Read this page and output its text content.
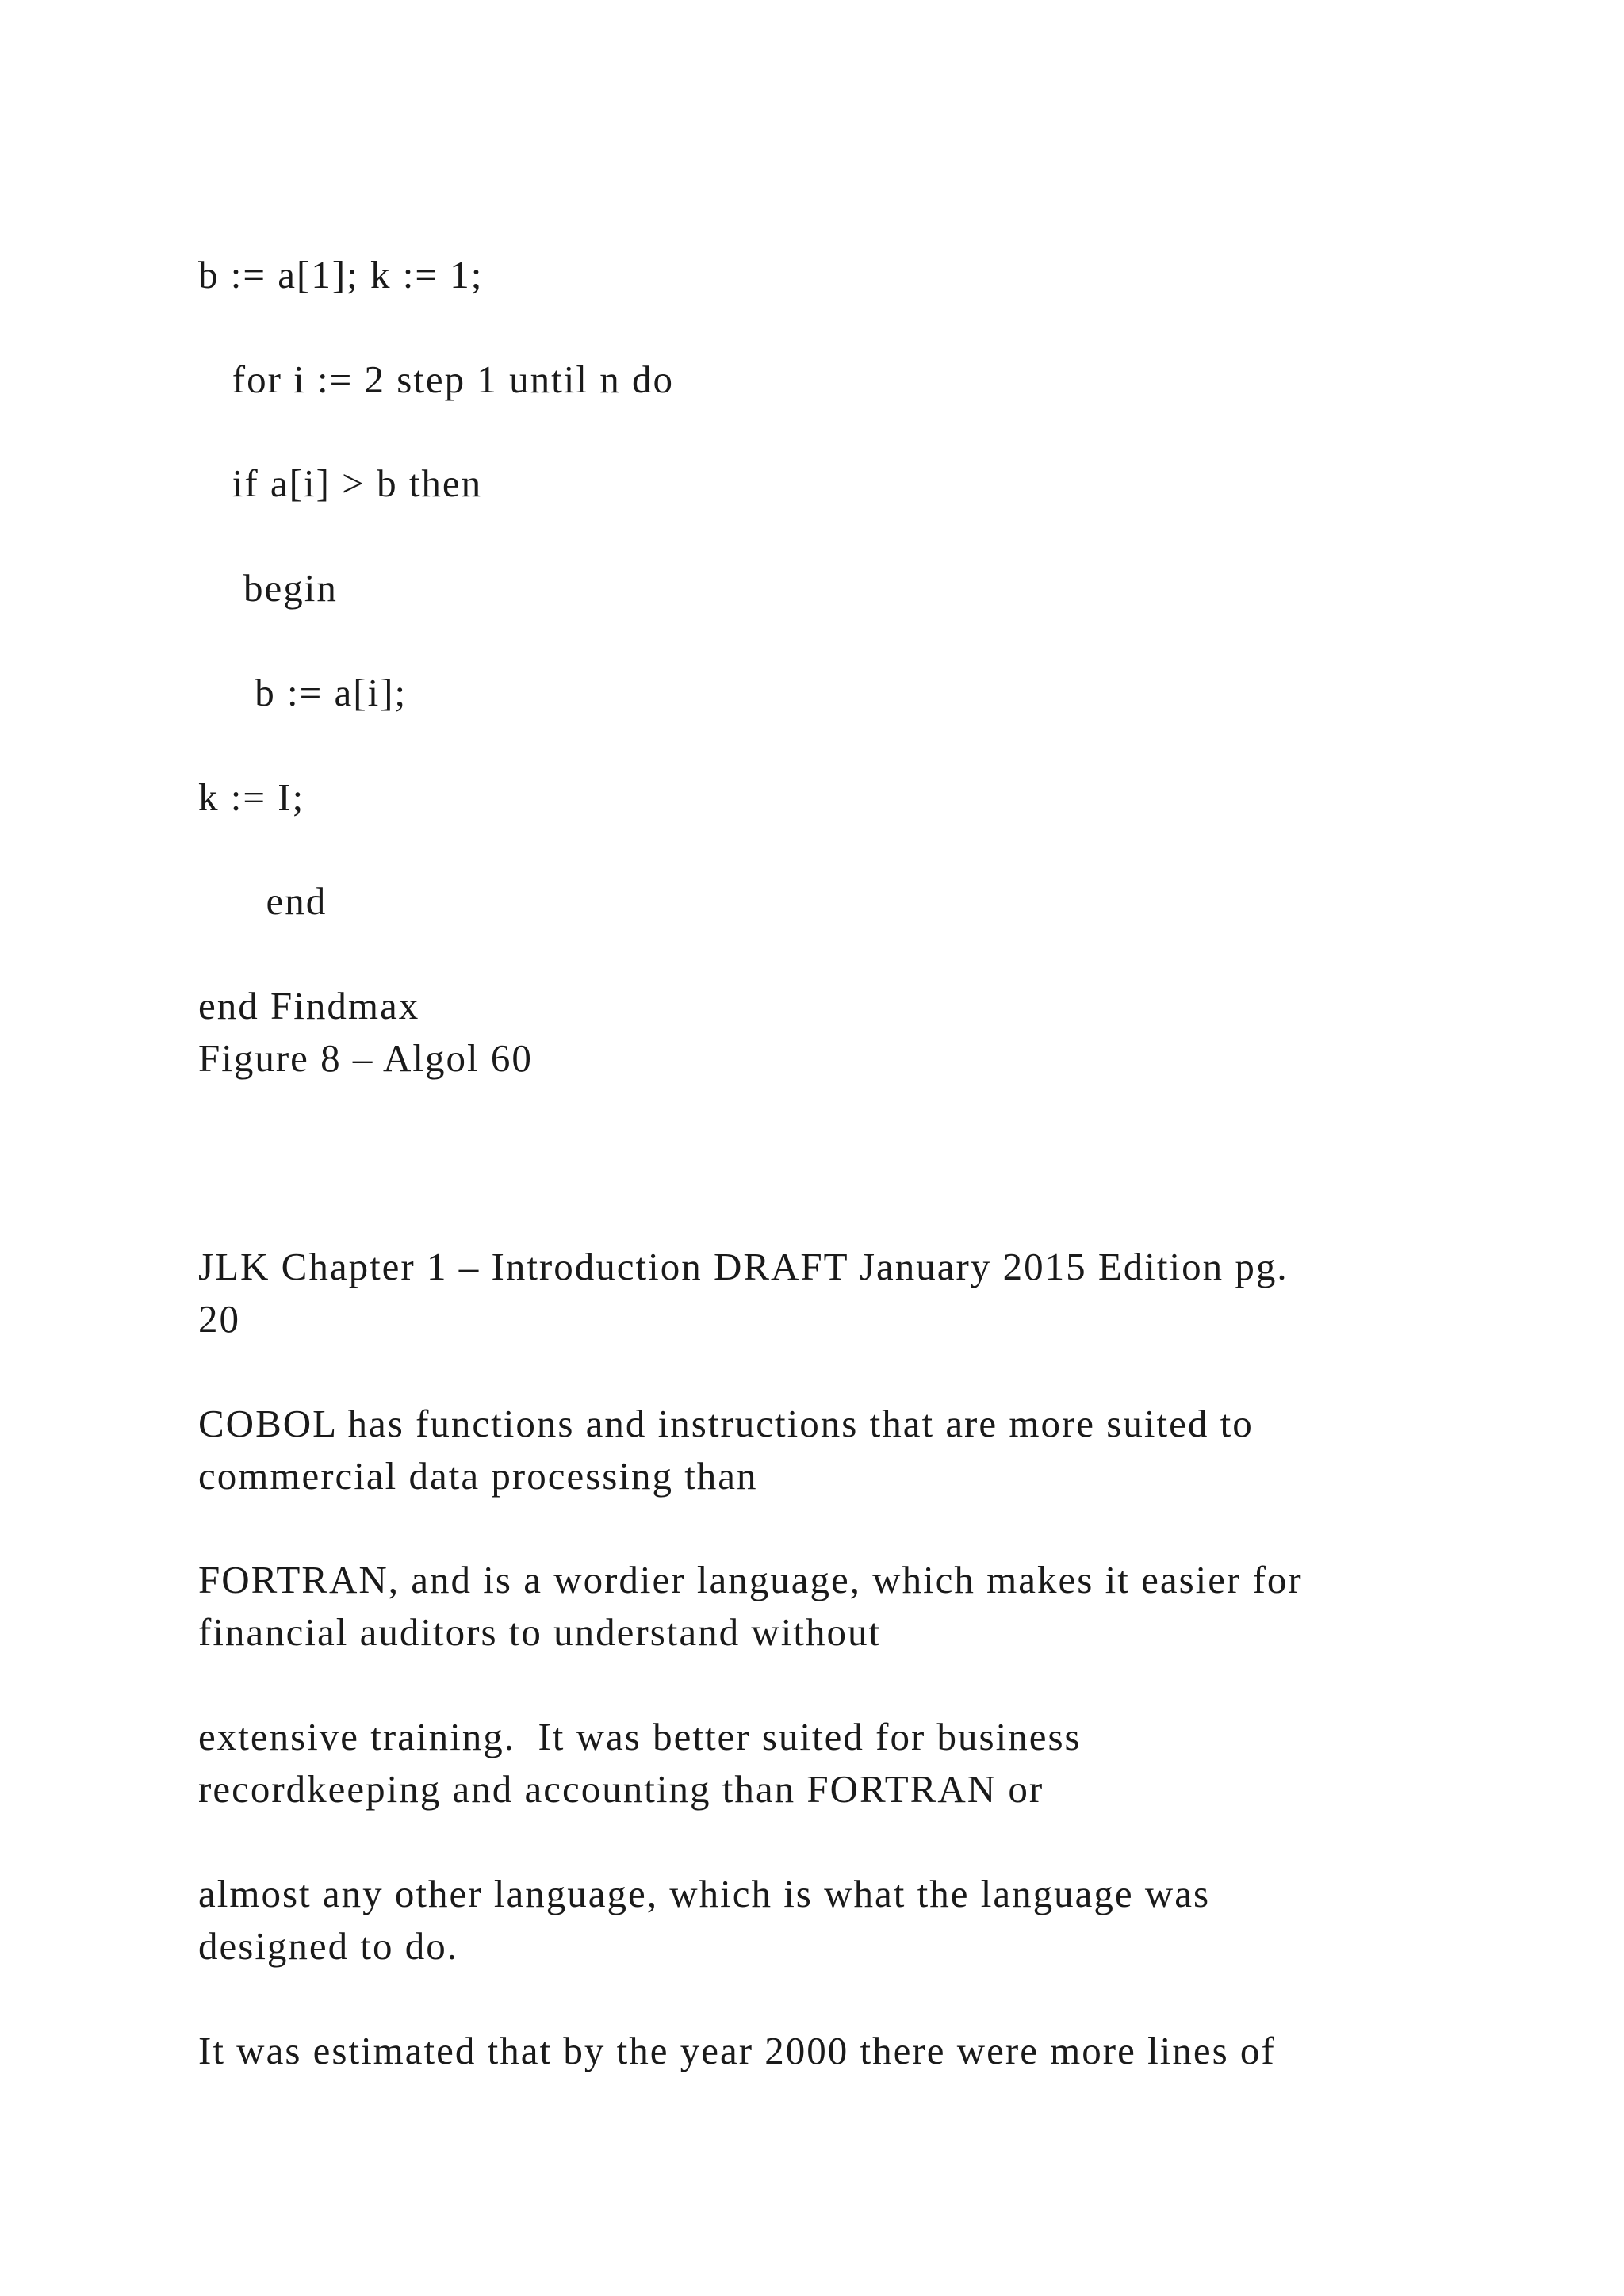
b := a[1]; k := 1;
for i := 2 step 1 until n do
if a[i] > b then
begin
b := a[i];
k := I;
end
end Findmax
Figure 8 – Algol 60
JLK Chapter 1 – Introduction DRAFT January 2015 Edition pg.
20
COBOL has functions and instructions that are more suited to
commercial data processing than
FORTRAN, and is a wordier language, which makes it easier for
financial auditors to understand without
extensive training.  It was better suited for business
recordkeeping and accounting than FORTRAN or
almost any other language, which is what the language was
designed to do.
It was estimated that by the year 2000 there were more lines of
